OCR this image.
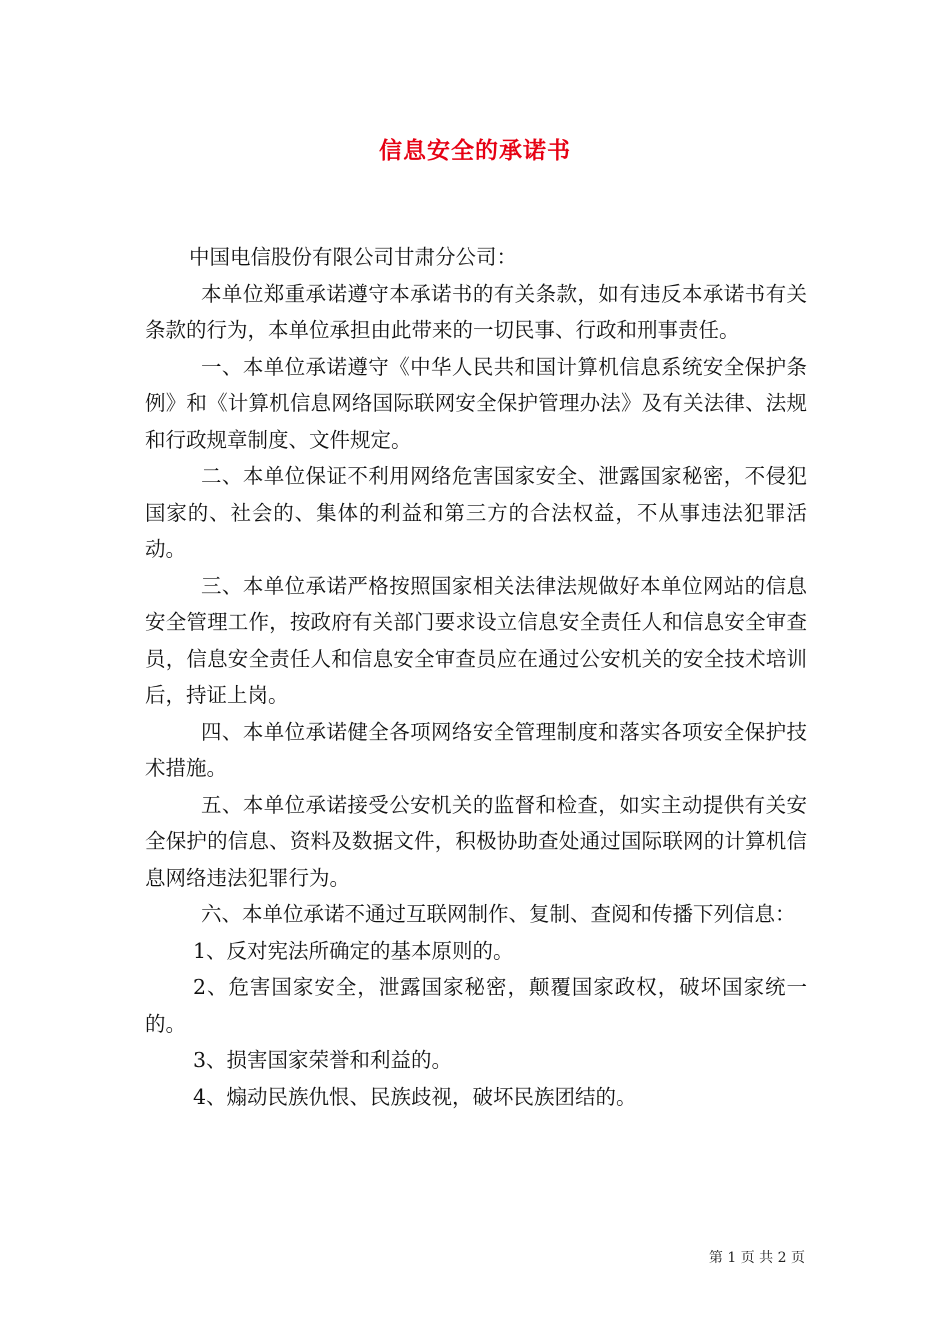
信息安全的承诺书

中国电信股份有限公司甘肃分公司：

本单位郑重承诺遵守本承诺书的有关条款，如有违反本承诺书有关条款的行为，本单位承担由此带来的一切民事、行政和刑事责任。

一、本单位承诺遵守《中华人民共和国计算机信息系统安全保护条例》和《计算机信息网络国际联网安全保护管理办法》及有关法律、法规和行政规章制度、文件规定。

二、本单位保证不利用网络危害国家安全、泄露国家秘密，不侵犯国家的、社会的、集体的利益和第三方的合法权益，不从事违法犯罪活动。

三、本单位承诺严格按照国家相关法律法规做好本单位网站的信息安全管理工作，按政府有关部门要求设立信息安全责任人和信息安全审查员，信息安全责任人和信息安全审查员应在通过公安机关的安全技术培训后，持证上岗。

四、本单位承诺健全各项网络安全管理制度和落实各项安全保护技术措施。

五、本单位承诺接受公安机关的监督和检查，如实主动提供有关安全保护的信息、资料及数据文件，积极协助查处通过国际联网的计算机信息网络违法犯罪行为。

六、本单位承诺不通过互联网制作、复制、查阅和传播下列信息：

1、反对宪法所确定的基本原则的。

2、危害国家安全，泄露国家秘密，颠覆国家政权，破坏国家统一的。

3、损害国家荣誉和利益的。

4、煽动民族仇恨、民族歧视，破坏民族团结的。

第 1 页 共 2 页
